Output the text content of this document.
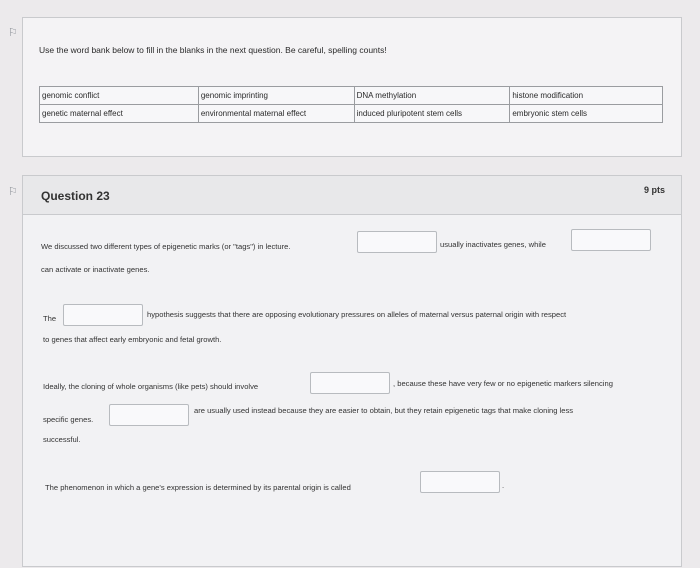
⚐
⚐
Use the word bank below to fill in the blanks in the next question. Be careful, spelling counts!
genomic conflict	genomic imprinting	DNA methylation	histone modification
genetic maternal effect	environmental maternal effect	induced pluripotent stem cells	embryonic stem cells
Question 23	9 pts
We discussed two different types of epigenetic marks (or "tags") in lecture.	usually inactivates genes, while
can activate or inactivate genes.
The	hypothesis suggests that there are opposing evolutionary pressures on alleles of maternal versus paternal origin with respect
to genes that affect early embryonic and fetal growth.
Ideally, the cloning of whole organisms (like pets) should involve	, because these have very few or no epigenetic markers silencing
specific genes.
are usually used instead because they are easier to obtain, but they retain epigenetic tags that make cloning less
successful.
The phenomenon in which a gene's expression is determined by its parental origin is called	.
